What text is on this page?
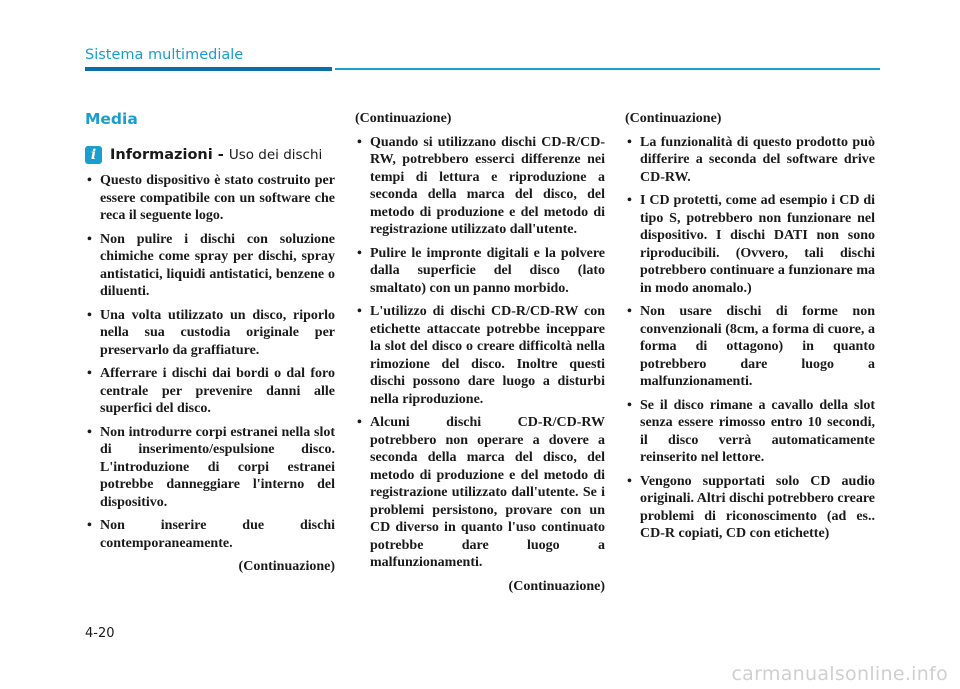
Sistema multimediale
Media
i Informazioni - Uso dei dischi
• Questo dispositivo è stato costruito per essere compatibile con un software che reca il seguente logo.
• Non pulire i dischi con soluzione chimiche come spray per dischi, spray antistatici, liquidi antistatici, benzene o diluenti.
• Una volta utilizzato un disco, riporlo nella sua custodia originale per preservarlo da graffiature.
• Afferrare i dischi dai bordi o dal foro centrale per prevenire danni alle superfici del disco.
• Non introdurre corpi estranei nella slot di inserimento/espulsione disco. L'introduzione di corpi estranei potrebbe danneggiare l'interno del dispositivo.
• Non inserire due dischi contemporaneamente.
(Continuazione)
(Continuazione)
• Quando si utilizzano dischi CD-R/CD-RW, potrebbero esserci differenze nei tempi di lettura e riproduzione a seconda della marca del disco, del metodo di produzione e del metodo di registrazione utilizzato dall'utente.
• Pulire le impronte digitali e la polvere dalla superficie del disco (lato smaltato) con un panno morbido.
• L'utilizzo di dischi CD-R/CD-RW con etichette attaccate potrebbe inceppare la slot del disco o creare difficoltà nella rimozione del disco. Inoltre questi dischi possono dare luogo a disturbi nella riproduzione.
• Alcuni dischi CD-R/CD-RW potrebbero non operare a dovere a seconda della marca del disco, del metodo di produzione e del metodo di registrazione utilizzato dall'utente. Se i problemi persistono, provare con un CD diverso in quanto l'uso continuato potrebbe dare luogo a malfunzionamenti.
(Continuazione)
(Continuazione)
• La funzionalità di questo prodotto può differire a seconda del software drive CD-RW.
• I CD protetti, come ad esempio i CD di tipo S, potrebbero non funzionare nel dispositivo. I dischi DATI non sono riproducibili. (Ovvero, tali dischi potrebbero continuare a funzionare ma in modo anomalo.)
• Non usare dischi di forme non convenzionali (8cm, a forma di cuore, a forma di ottagono) in quanto potrebbero dare luogo a malfunzionamenti.
• Se il disco rimane a cavallo della slot senza essere rimosso entro 10 secondi, il disco verrà automaticamente reinserito nel lettore.
• Vengono supportati solo CD audio originali. Altri dischi potrebbero creare problemi di riconoscimento (ad es.. CD-R copiati, CD con etichette)
4-20
carmanualsonline.info
